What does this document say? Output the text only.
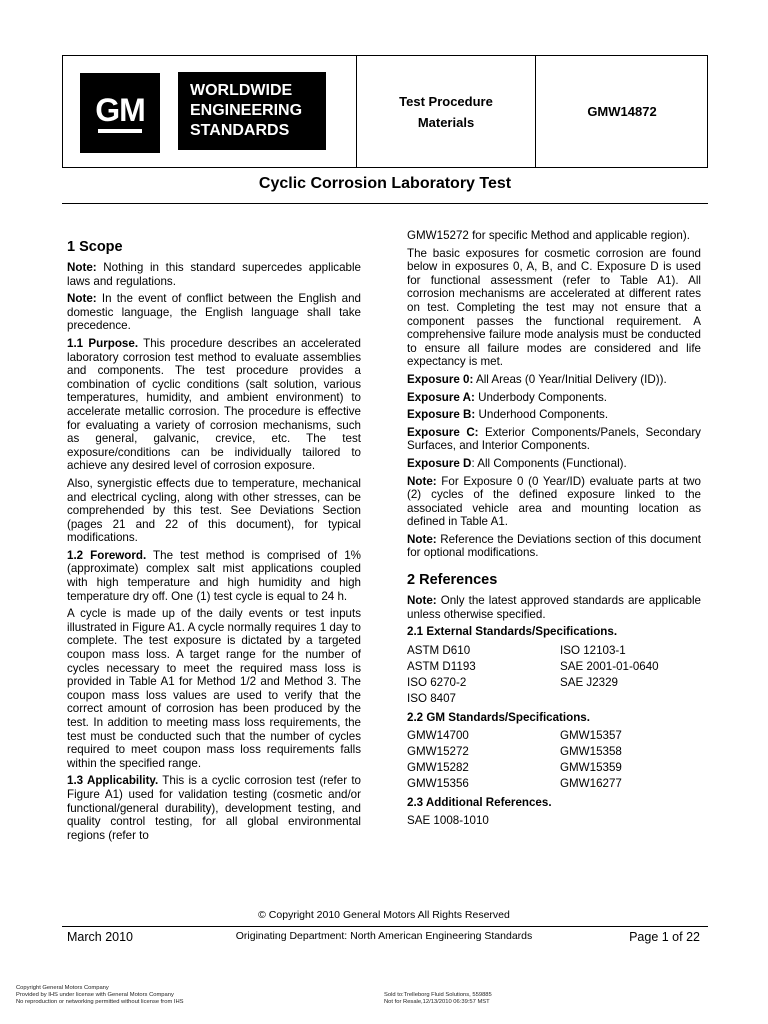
GM
WORLDWIDE
ENGINEERING
STANDARDS
Test Procedure
Materials
GMW14872
Cyclic Corrosion Laboratory Test
1 Scope

Note: Nothing in this standard supercedes applicable laws and regulations.

Note: In the event of conflict between the English and domestic language, the English language shall take precedence.

1.1 Purpose. This procedure describes an accelerated laboratory corrosion test method to evaluate assemblies and components. The test procedure provides a combination of cyclic conditions (salt solution, various temperatures, humidity, and ambient environment) to accelerate metallic corrosion. The procedure is effective for evaluating a variety of corrosion mechanisms, such as general, galvanic, crevice, etc. The test exposure/conditions can be individually tailored to achieve any desired level of corrosion exposure.

Also, synergistic effects due to temperature, mechanical and electrical cycling, along with other stresses, can be comprehended by this test. See Deviations Section (pages 21 and 22 of this document), for typical modifications.

1.2 Foreword. The test method is comprised of 1% (approximate) complex salt mist applications coupled with high temperature and high humidity and high temperature dry off. One (1) test cycle is equal to 24 h.

A cycle is made up of the daily events or test inputs illustrated in Figure A1. A cycle normally requires 1 day to complete. The test exposure is dictated by a targeted coupon mass loss. A target range for the number of cycles necessary to meet the required mass loss is provided in Table A1 for Method 1/2 and Method 3. The coupon mass loss values are used to verify that the correct amount of corrosion has been produced by the test. In addition to meeting mass loss requirements, the test must be conducted such that the number of cycles required to meet coupon mass loss requirements falls within the specified range.

1.3 Applicability. This is a cyclic corrosion test (refer to Figure A1) used for validation testing (cosmetic and/or functional/general durability), development testing, and quality control testing, for all global environmental regions (refer to

GMW15272 for specific Method and applicable region).

The basic exposures for cosmetic corrosion are found below in exposures 0, A, B, and C. Exposure D is used for functional assessment (refer to Table A1). All corrosion mechanisms are accelerated at different rates on test. Completing the test may not ensure that a component passes the functional requirement. A comprehensive failure mode analysis must be conducted to ensure all failure modes are considered and life expectancy is met.

Exposure 0: All Areas (0 Year/Initial Delivery (ID)).

Exposure A: Underbody Components.

Exposure B: Underhood Components.

Exposure C: Exterior Components/Panels, Secondary Surfaces, and Interior Components.

Exposure D: All Components (Functional).

Note: For Exposure 0 (0 Year/ID) evaluate parts at two (2) cycles of the defined exposure linked to the associated vehicle area and mounting location as defined in Table A1.

Note: Reference the Deviations section of this document for optional modifications.

2 References

Note: Only the latest approved standards are applicable unless otherwise specified.

2.1 External Standards/Specifications.
ASTM D610	ISO 12103-1
ASTM D1193	SAE 2001-01-0640
ISO 6270-2	SAE J2329
ISO 8407
2.2 GM Standards/Specifications.
GMW14700	GMW15357
GMW15272	GMW15358
GMW15282	GMW15359
GMW15356	GMW16277
2.3 Additional References.

SAE 1008-1010

© Copyright 2010 General Motors All Rights Reserved
March 2010	Originating Department: North American Engineering Standards	Page 1 of 22
Copyright General Motors Company
Provided by IHS under license with General Motors Company
No reproduction or networking permitted without license from IHS
Sold to:Trelleborg Fluid Solutions, 559885
Not for Resale,12/13/2010 06:39:57 MST
